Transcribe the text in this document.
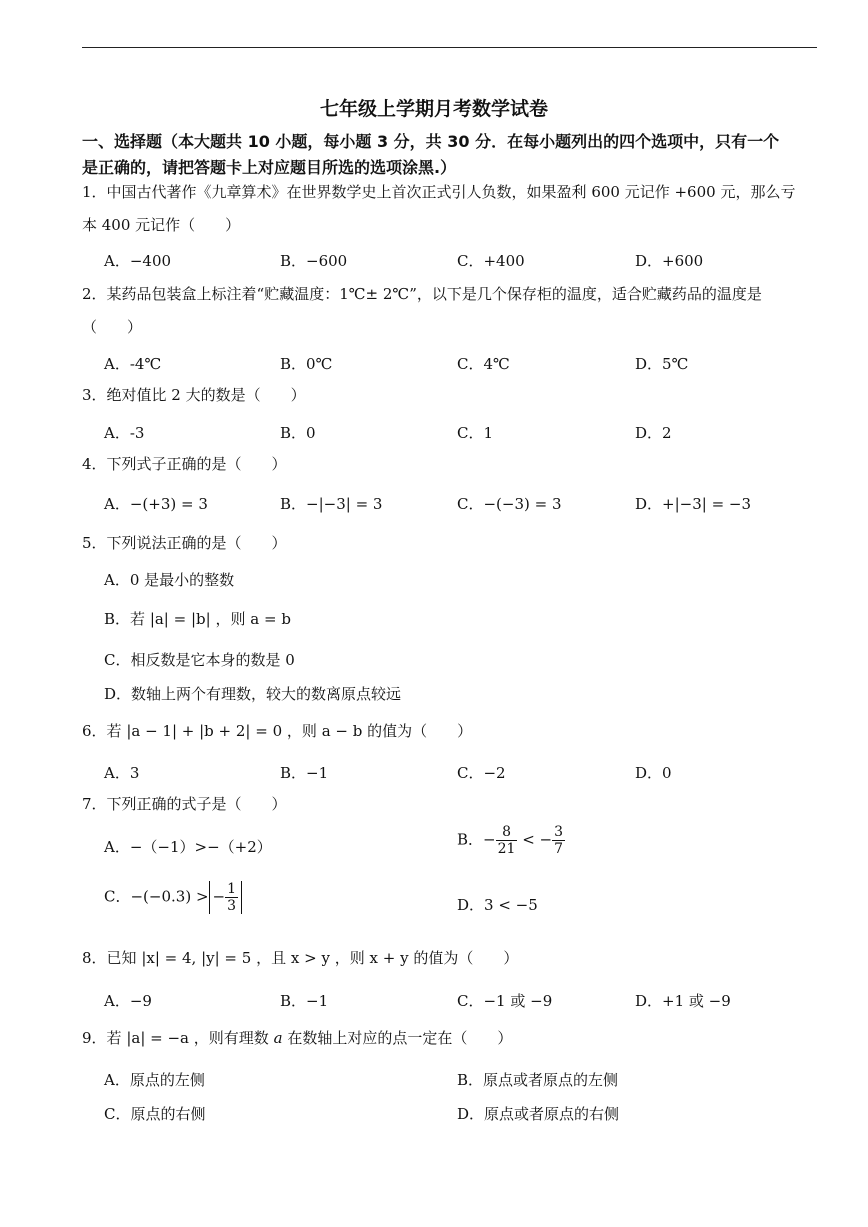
七年级上学期月考数学试卷
一、选择题（本大题共 10 小题，每小题 3 分，共 30 分．在每小题列出的四个选项中，只有一个
是正确的，请把答题卡上对应题目所选的选项涂黑.）
1．中国古代著作《九章算术》在世界数学史上首次正式引人负数，如果盈利 600 元记作 +600 元，那么亏
本 400 元记作（　　）
A．−400	B．−600	C．+400	D．+600
2．某药品包装盒上标注着“贮藏温度：1℃± 2℃”，以下是几个保存柜的温度，适合贮藏药品的温度是
（　　）
A．-4℃	B．0℃	C．4℃	D．5℃
3．绝对值比 2 大的数是（　　）
A．-3	B．0	C．1	D．2
4．下列式子正确的是（　　）
A．−(+3) = 3	B．−|−3| = 3	C．−(−3) = 3	D．+|−3| = −3
5．下列说法正确的是（　　）
A．0 是最小的整数
B．若 |a| = |b| ，则 a = b
C．相反数是它本身的数是 0
D．数轴上两个有理数，较大的数离原点较远
6．若 |a − 1| + |b + 2| = 0 ，则 a − b 的值为（　　）
A．3	B．−1	C．−2	D．0
7．下列正确的式子是（　　）
A．−（−1）>−（+2）	B．− $\frac{8}{21}$ < − $\frac{3}{7}$
C．−(−0.3) > − $\frac{1}{3}$	D．3 < −5
8．已知 |x| = 4, |y| = 5 ，且 x > y ，则 x + y 的值为（　　）
A．−9	B．−1	C．−1 或 −9	D．+1 或 −9
9．若 |a| = −a ，则有理数 a 在数轴上对应的点一定在（　　）
A．原点的左侧	B．原点或者原点的左侧
C．原点的右侧	D．原点或者原点的右侧
